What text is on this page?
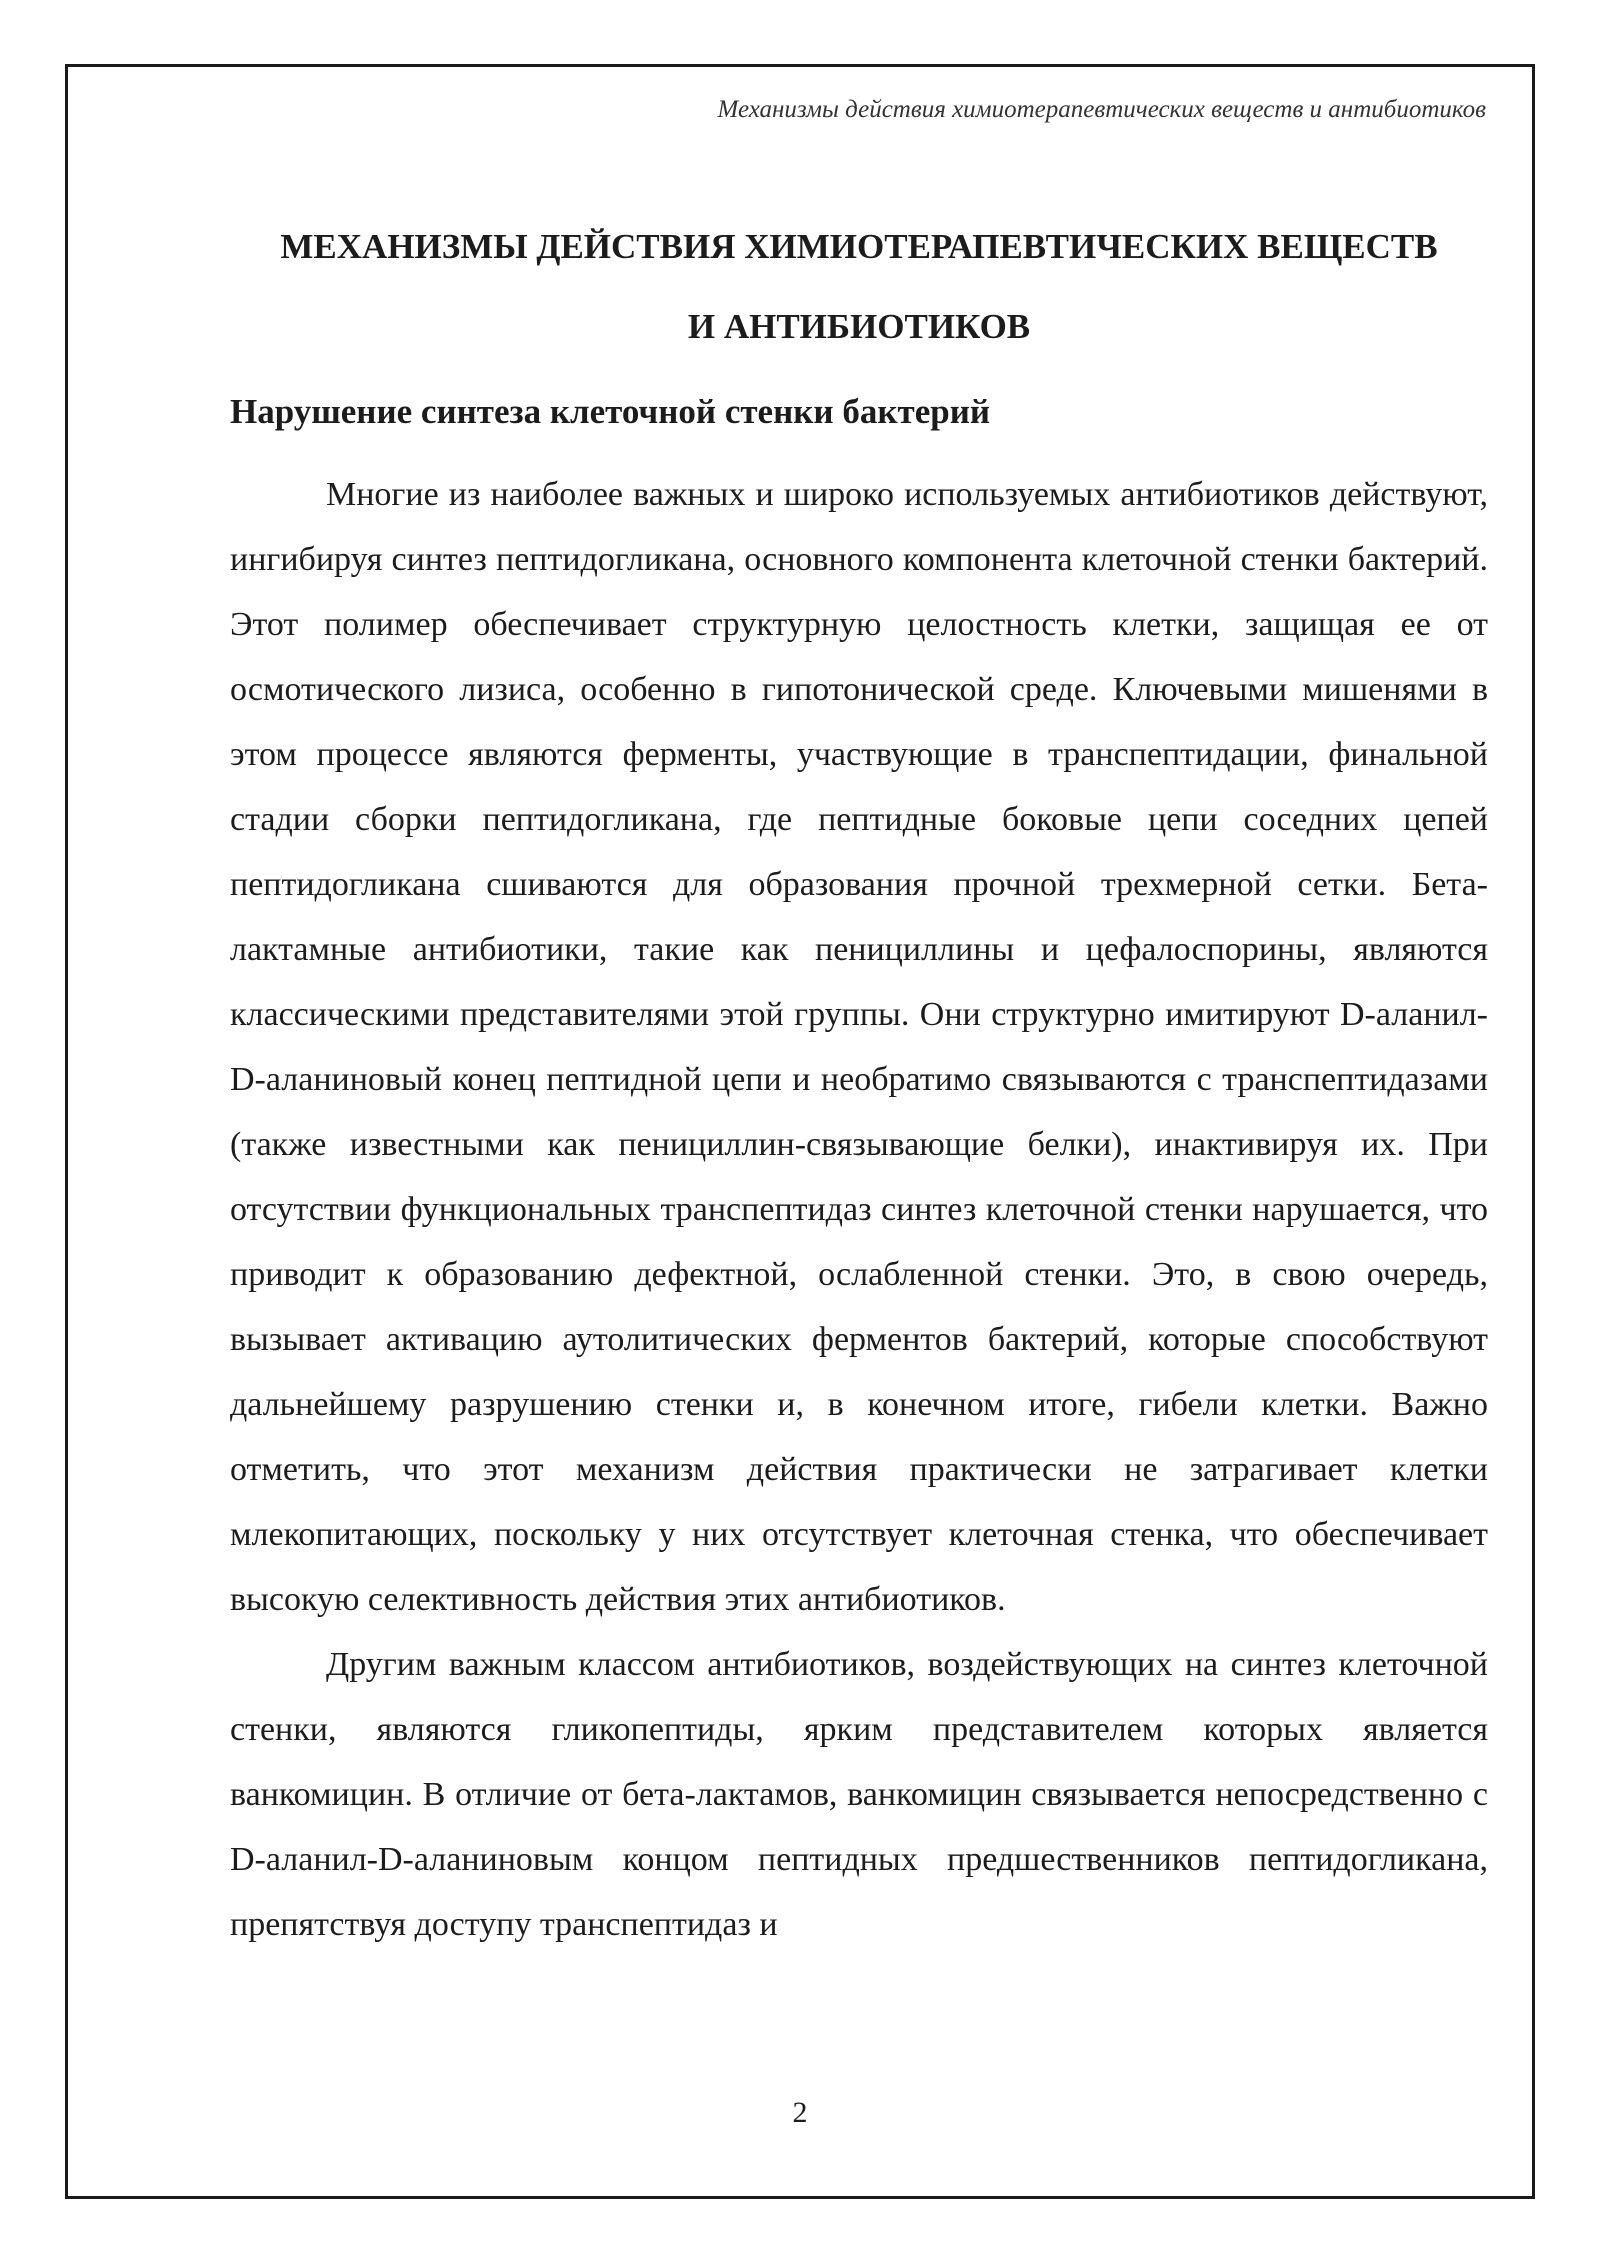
Механизмы действия химиотерапевтических веществ и антибиотиков
МЕХАНИЗМЫ ДЕЙСТВИЯ ХИМИОТЕРАПЕВТИЧЕСКИХ ВЕЩЕСТВ
И АНТИБИОТИКОВ
Нарушение синтеза клеточной стенки бактерий

Многие из наиболее важных и широко используемых антибиотиков действуют, ингибируя синтез пептидогликана, основного компонента клеточной стенки бактерий. Этот полимер обеспечивает структурную целостность клетки, защищая ее от осмотического лизиса, особенно в гипотонической среде. Ключевыми мишенями в этом процессе являются ферменты, участвующие в транспептидации, финальной стадии сборки пептидогликана, где пептидные боковые цепи соседних цепей пептидогликана сшиваются для образования прочной трехмерной сетки. Бета-лактамные антибиотики, такие как пенициллины и цефалоспорины, являются классическими представителями этой группы. Они структурно имитируют D-аланил-D-аланиновый конец пептидной цепи и необратимо связываются с транспептидазами (также известными как пенициллин-связывающие белки), инактивируя их. При отсутствии функциональных транспептидаз синтез клеточной стенки нарушается, что приводит к образованию дефектной, ослабленной стенки. Это, в свою очередь, вызывает активацию аутолитических ферментов бактерий, которые способствуют дальнейшему разрушению стенки и, в конечном итоге, гибели клетки. Важно отметить, что этот механизм действия практически не затрагивает клетки млекопитающих, поскольку у них отсутствует клеточная стенка, что обеспечивает высокую селективность действия этих антибиотиков.

Другим важным классом антибиотиков, воздействующих на синтез клеточной стенки, являются гликопептиды, ярким представителем которых является ванкомицин. В отличие от бета-лактамов, ванкомицин связывается непосредственно с D-аланил-D-аланиновым концом пептидных предшественников пептидогликана, препятствуя доступу транспептидаз и

2
